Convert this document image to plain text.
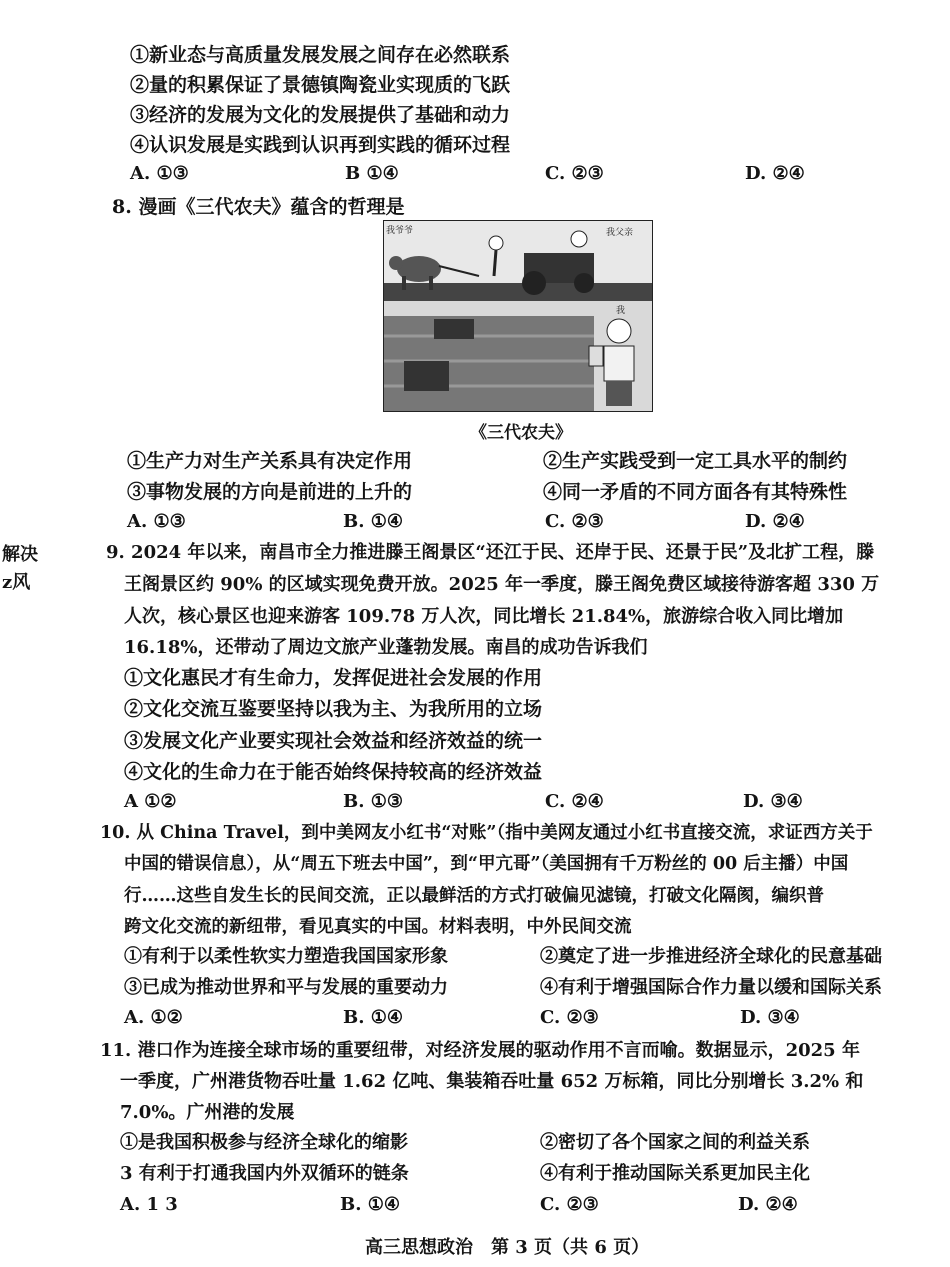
①新业态与高质量发展发展之间存在必然联系
②量的积累保证了景德镇陶瓷业实现质的飞跃
③经济的发展为文化的发展提供了基础和动力
④认识发展是实践到认识再到实践的循环过程
A. ①③	B ①④	C. ②③	D. ②④
8. 漫画《三代农夫》蕴含的哲理是
我爷爷	我父亲
我
《三代农夫》
①生产力对生产关系具有决定作用	②生产实践受到一定工具水平的制约
③事物发展的方向是前进的上升的	④同一矛盾的不同方面各有其特殊性
A. ①③	B. ①④	C. ②③	D. ②④
解决
z风
9. 2024 年以来，南昌市全力推进滕王阁景区“还江于民、还岸于民、还景于民”及北扩工程，滕
王阁景区约 90% 的区域实现免费开放。2025 年一季度，滕王阁免费区域接待游客超 330 万
人次，核心景区也迎来游客 109.78 万人次，同比增长 21.84%，旅游综合收入同比增加
16.18%，还带动了周边文旅产业蓬勃发展。南昌的成功告诉我们
①文化惠民才有生命力，发挥促进社会发展的作用
②文化交流互鉴要坚持以我为主、为我所用的立场
③发展文化产业要实现社会效益和经济效益的统一
④文化的生命力在于能否始终保持较高的经济效益
A ①②	B. ①③	C. ②④	D. ③④
10. 从 China Travel，到中美网友小红书“对账”（指中美网友通过小红书直接交流，求证西方关于
中国的错误信息），从“周五下班去中国”，到“甲亢哥”（美国拥有千万粉丝的 00 后主播）中国
行……这些自发生长的民间交流，正以最鲜活的方式打破偏见滤镜，打破文化隔阂，编织普
跨文化交流的新纽带，看见真实的中国。材料表明，中外民间交流
①有利于以柔性软实力塑造我国国家形象	②奠定了进一步推进经济全球化的民意基础
③已成为推动世界和平与发展的重要动力	④有利于增强国际合作力量以缓和国际关系
A. ①②	B. ①④	C. ②③	D. ③④
11. 港口作为连接全球市场的重要纽带，对经济发展的驱动作用不言而喻。数据显示，2025 年
一季度，广州港货物吞吐量 1.62 亿吨、集装箱吞吐量 652 万标箱，同比分别增长 3.2% 和
7.0%。广州港的发展
①是我国积极参与经济全球化的缩影	②密切了各个国家之间的利益关系
3 有利于打通我国内外双循环的链条	④有利于推动国际关系更加民主化
A. 1 3	B. ①④	C. ②③	D. ②④
高三思想政治　第 3 页（共 6 页）
